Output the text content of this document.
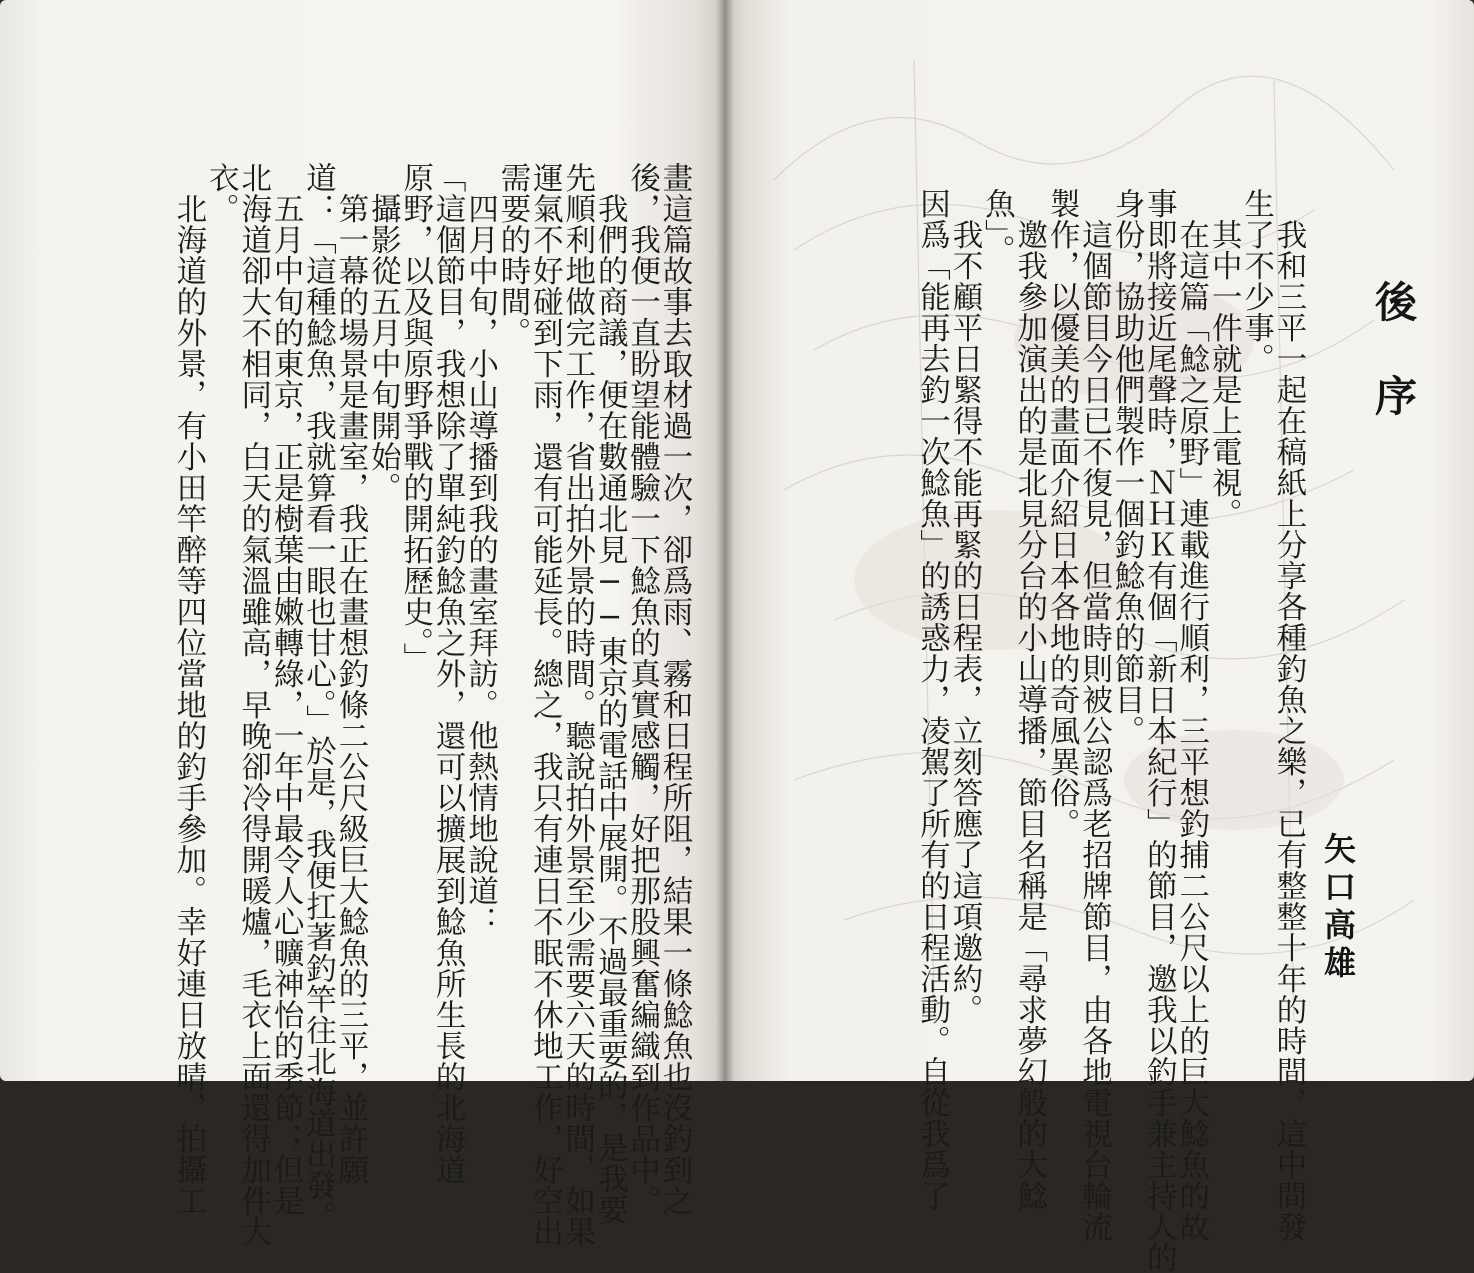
畫這篇故事去取材過一次，卻爲雨、霧和日程所阻，結果一條鯰魚也沒釣到之
後，我便一直盼望能體驗一下鯰魚的真實感觸，好把那股興奮編織到作品中。
　我們的商議，便在數通北見──東京的電話中展開。不過最重要的，是我要
先順利地做完工作，省出拍外景的時間。聽說拍外景至少需要六天的時間，如果
運氣不好碰到下雨，還有可能延長。總之，我只有連日不眠不休地工作，好空出
需要的時間。
　四月中旬，小山導播到我的畫室拜訪。他熱情地說道：
「這個節目，我想除了單純釣鯰魚之外，還可以擴展到鯰魚所生長的北海道
原野，以及與原野爭戰的開拓歷史。」
　攝影從五月中旬開始。
　第一幕的場景是畫室，我正在畫想釣條二公尺級巨大鯰魚的三平，並許願
道：「這種鯰魚，我就算看一眼也甘心。」於是，我便扛著釣竿往北海道出發。
　五月中旬的東京，正是樹葉由嫩轉綠，一年中最令人心曠神怡的季節；但是
北海道卻大不相同，白天的氣溫雖高，早晚卻冷得開暖爐，毛衣上面還得加件大
衣。
　北海道的外景，有小田竿醉等四位當地的釣手參加。幸好連日放晴，拍攝工	　我和三平一起在稿紙上分享各種釣魚之樂，已有整整十年的時間，這中間發
生了不少事。
　其中一件就是上電視。
　在這篇「鯰之原野」連載進行順利，三平想釣捕二公尺以上的巨大鯰魚的故
事即將接近尾聲時，ＮＨＫ有個「新日本紀行」的節目，邀我以釣手兼主持人的
身份，協助他們製作一個釣鯰魚的節目。
　這個節目今日已不復見，但當時則被公認爲老招牌節目，由各地電視台輪流
製作，以優美的畫面介紹日本各地的奇風異俗。
　邀我參加演出的是北見分台的小山導播，節目名稱是「尋求夢幻般的大鯰
魚」。
　我不顧平日緊得不能再緊的日程表，立刻答應了這項邀約。
因爲「能再去釣一次鯰魚」的誘惑力，凌駕了所有的日程活動。自從我爲了	後序
矢口高雄
